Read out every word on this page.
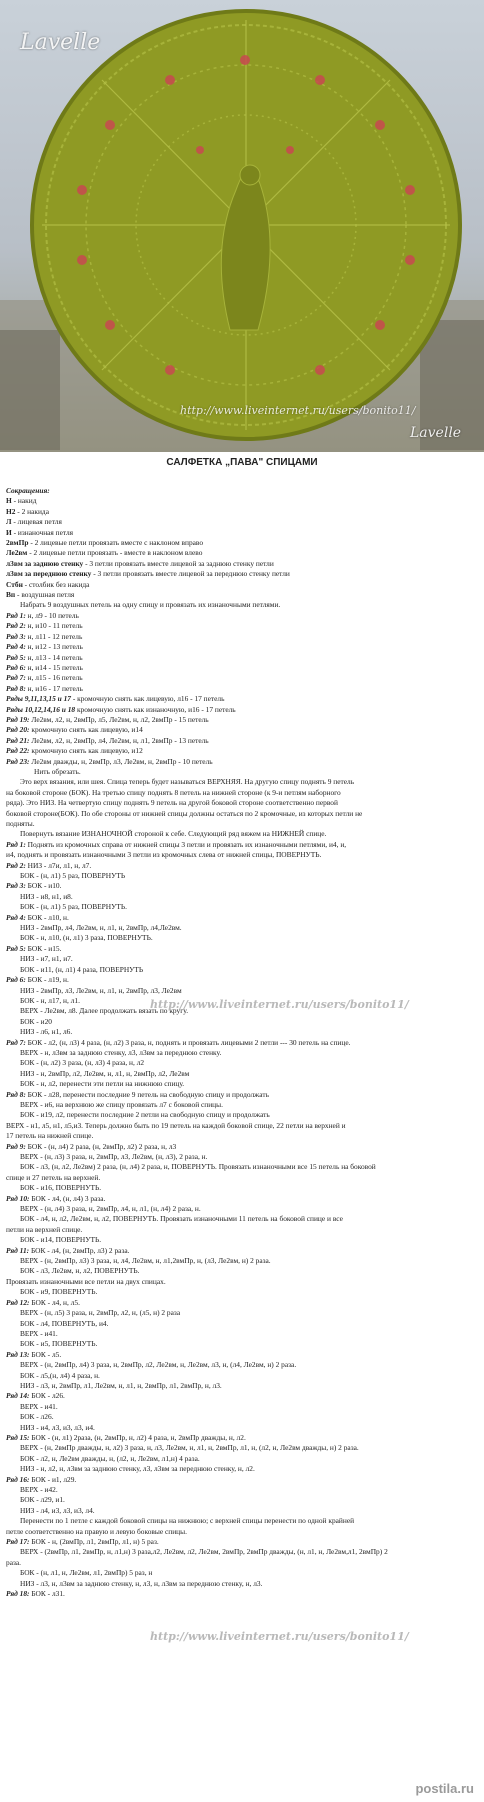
Lavelle
Lavelle
http://www.liveinternet.ru/users/bonito11/
САЛФЕТКА „ПАВА" СПИЦАМИ
Сокращения:
Н - накид
Н2 - 2 накида
Л - лицевая петля
И - изнаночная петля
2вмПр - 2 лицевые петли провязать вместе с наклоном вправо
Ле2вм - 2 лицевые петли провязать - вместе в наклоном влево
л3вм за заднюю стенку - 3 петли провязать вместе лицевой за заднюю стенку петли
л3вм за переднюю стенку - 3 петли провязать вместе лицевой за переднюю стенку петли
Стбн - столбик без накида
Вп - воздушная петля
Набрать 9 воздушных петель на одну спицу и провязать их изнаночными петлями.
Ряд 1: н, л9 - 10 петель
Ряд 2: н, и10 - 11 петель
Ряд 3: н, л11 - 12 петель
Ряд 4: н, и12 - 13 петель
Ряд 5: н, л13 - 14 петель
Ряд 6: н, и14 - 15 петель
Ряд 7: н, л15 - 16 петель
Ряд 8: н, и16 - 17 петель
Ряды 9,11,13,15 и 17 - кромочную снять как лицевую, л16 - 17 петель
Ряды 10,12,14,16 и 18 кромочную снять как изнаночную, и16 - 17 петель
Ряд 19: Ле2вм, л2, н, 2вмПр, л5, Ле2вм, н, л2, 2вмПр - 15 петель
Ряд 20: кромочную снять как лицевую, и14
Ряд 21: Ле2вм, л2, н, 2вмПр, л4, Ле2вм, н, л1, 2вмПр - 13 петель
Ряд 22: кромочную снять как лицевую, и12
Ряд 23: Ле2вм дважды, н, 2вмПр, л3, Ле2вм, н, 2вмПр - 10 петель
Нить обрезать.
Это верх вязания, или шея. Спица теперь будет называться ВЕРХНЯЯ. На другую спицу поднять 9 петель
на боковой стороне (БОК). На третью спицу поднять 8 петель на нижней стороне (к 9-и петлям наборного
ряда). Это НИЗ. На четвертую спицу поднять 9 петель на другой боковой стороне соответственно первой
боковой стороне(БОК). По обе стороны от нижней спицы должны остаться по 2 кромочные, из которых петли не
подняты.
Повернуть вязание ИЗНАНОЧНОЙ стороной к себе. Следующий ряд вяжем на НИЖНЕЙ спице.
Ряд 1: Поднять из кромочных справа от нижней спицы 3 петли и провязать их изнаночными петлями, и4, и,
и4, поднять и провязать изнаночными 3 петли из кромочных слева от нижней спицы, ПОВЕРНУТЬ.
Ряд 2: НИЗ - л7и, л1, н, л7.
БОК - (н, л1) 5 раз, ПОВЕРНУТЬ
Ряд 3: БОК - и10.
НИЗ - и8, н1, и8.
БОК - (н, л1) 5 раз, ПОВЕРНУТЬ.
Ряд 4: БОК - л10, н.
НИЗ - 2вмПр, л4, Ле2вм, н, л1, н, 2вмПр, л4,Ле2вм.
БОК - н, л10, (н, л1) 3 раза, ПОВЕРНУТЬ.
Ряд 5: БОК - и15.
НИЗ - и7, н1, и7.
БОК - и11, (н, л1) 4 раза, ПОВЕРНУТЬ
Ряд 6: БОК - л19, н.
НИЗ - 2вмПр, л3, Ле2вм, н, л1, н, 2вмПр, л3, Ле2вм
БОК - н, л17, н, л1.
ВЕРХ - Ле2вм, л8. Далее продолжать вязать по кругу.
БОК - и20
НИЗ - л6, н1, л6.
Ряд 7: БОК - л2, (н, л3) 4 раза, (н, л2) 3 раза, н, поднять и провязать лицевыми 2 петли --- 30 петель на спице.
ВЕРХ - н, л3вм за заднюю стенку, л3, л3вм за переднюю стенку.
БОК - (н, л2) 3 раза, (н, л3) 4 раза, н, л2
НИЗ - н, 2вмПр, л2, Ле2вм, н, л1, н, 2вмПр, л2, Ле2вм
БОК - н, л2, перенести эти петли на нижнюю спицу.
Ряд 8: БОК - л28, перенести последние 9 петель на свободную спицу и продолжать
ВЕРХ - и6, на верхнюю же спицу провязать л7 с боковой спицы.
БОК - и19, л2, перенести последние 2 петли на свободную спицу и продолжать
ВЕРХ - н1, л5, н1, л5,и3. Теперь должно быть по 19 петель на каждой боковой спице, 22 петли на верхней и
17 петель на нижней спице.
Ряд 9: БОК - (н, л4) 2 раза, (н, 2вмПр, л2) 2 раза, н, л3
ВЕРХ - (н, л3) 3 раза, н, 2вмПр, л3, Ле2вм, (н, л3), 2 раза, н.
БОК - л3, (н, л2, Ле2вм) 2 раза, (н, л4) 2 раза, н, ПОВЕРНУТЬ. Провязать изнаночными все 15 петель на боковой
спице и 27 петель на верхней.
БОК - и16, ПОВЕРНУТЬ.
Ряд 10: БОК - л4, (н, л4) 3 раза.
ВЕРХ - (н, л4) 3 раза, н, 2вмПр, л4, н, л1, (н, л4) 2 раза, н.
БОК - л4, н, л2, Ле2вм, н, л2, ПОВЕРНУТЬ. Провязать изнаночными 11 петель на боковой спице и все
петли на верхней спице.
БОК - и14, ПОВЕРНУТЬ.
Ряд 11: БОК - л4, (н, 2вмПр, л3) 2 раза.
ВЕРХ - (н, 2вмПр, л3) 3 раза, н, л4, Ле2вм, н, л1,2вмПр, н, (л3, Ле2вм, н) 2 раза.
БОК - л3, Ле2вм, н, л2, ПОВЕРНУТЬ.
Провязать изнаночными все петли на двух спицах.
БОК - и9, ПОВЕРНУТЬ.
Ряд 12: БОК - л4, н, л5.
ВЕРХ - (н, л5) 3 раза, н, 2вмПр, л2, н, (л5, н) 2 раза
БОК - л4, ПОВЕРНУТЬ, и4.
ВЕРХ - и41.
БОК - и5, ПОВЕРНУТЬ.
Ряд 13: БОК - л5.
ВЕРХ - (н, 2вмПр, л4) 3 раза, н, 2вмПр, л2, Ле2вм, н, Ле2вм, л3, н, (л4, Ле2вм, н) 2 раза.
БОК - л5,(н, л4) 4 раза, н.
НИЗ - л3, н, 2вмПр, л1, Ле2вм, н, л1, н, 2вмПр, л1, 2вмПр, н, л3.
Ряд 14: БОК - л26.
ВЕРХ - и41.
БОК - л26.
НИЗ - и4, л3, и3, л3, и4.
Ряд 15: БОК - (н, л1) 2раза, (н, 2вмПр, н, л2) 4 раза, н, 2вмПр дважды, н, л2.
ВЕРХ - (н, 2вмПр дважды, н, л2) 3 раза, н, л3, Ле2вм, н, л1, н, 2вмПр, л1, н, (л2, н, Ле2вм дважды, н) 2 раза.
БОК - л2, н, Ле2вм дважды, н, (л2, н, Ле2вм, л1,н) 4 раза.
НИЗ - н, л2, н, л3вм за заднюю стенку, л3, л3вм за переднюю стенку, н, л2.
Ряд 16: БОК - и1, л29.
ВЕРХ - и42.
БОК - л29, и1.
НИЗ - л4, и3, л3, и3, л4.
Перенести по 1 петле с каждой боковой спицы на нижнюю; с верхней спицы перенести по одной крайней
петле соответственно на правую и левую боковые спицы.
Ряд 17: БОК - н, (2вмПр, л1, 2вмПр, л1, н) 5 раз.
ВЕРХ - (2вмПр, л1, 2вмПр, н, л1,н) 3 раза,л2, Ле2вм, л2, Ле2вм, 2вмПр, 2вмПр дважды, (н, л1, н, Ле2вм,л1, 2вмПр) 2
раза.
БОК - (н, л1, н, Ле2вм, л1, 2вмПр) 5 раз, н
НИЗ - л3, н, л3вм за заднюю стенку, н, л3, н, л3вм за переднюю стенку, н, л3.
Ряд 18: БОК - л31.
http://www.liveinternet.ru/users/bonito11/
http://www.liveinternet.ru/users/bonito11/
postila.ru
